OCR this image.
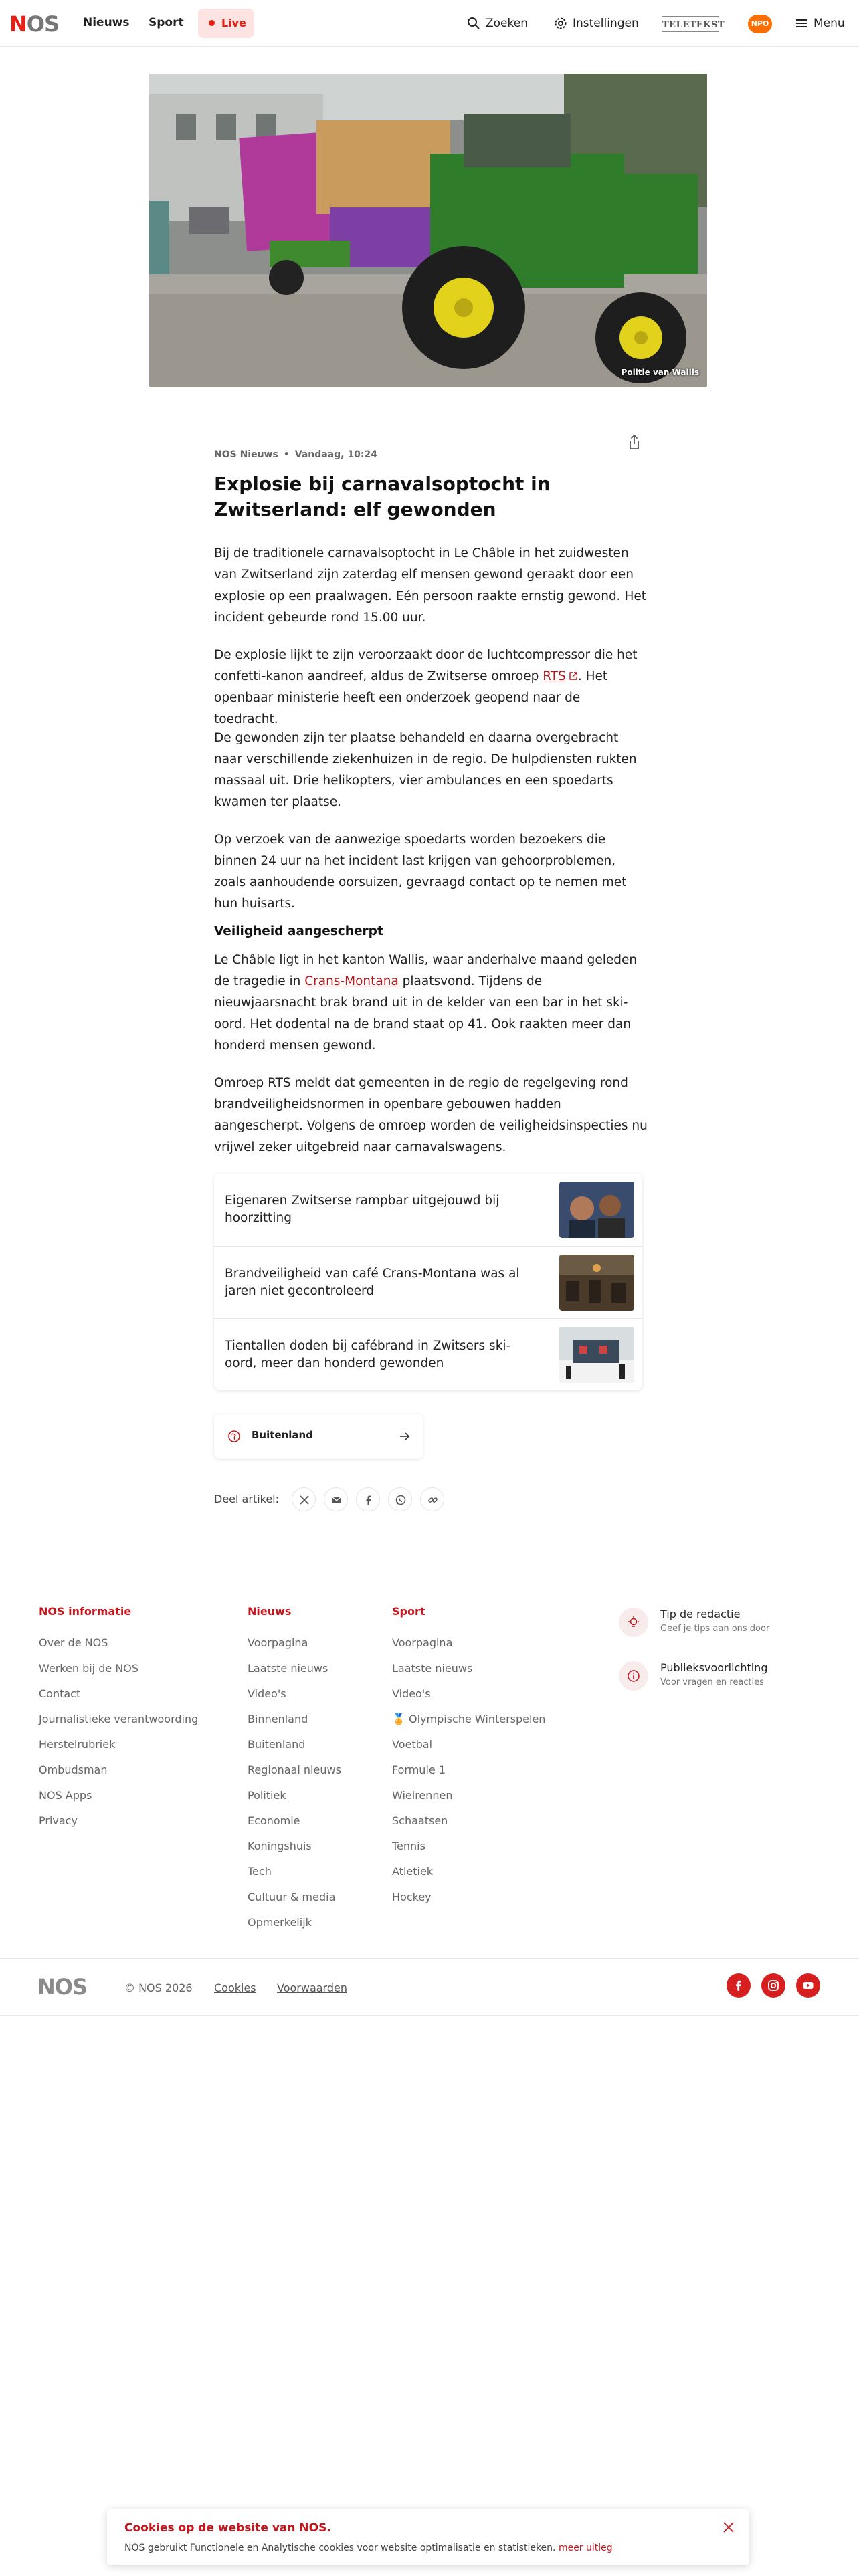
NOS Nieuws Sport	Live	Zoeken	Instellingen	TELETEKST	NPO	Menu
Politie van Wallis
NOS Nieuws • Vandaag, 10:24
Explosie bij carnavalsoptocht in Zwitserland: elf gewonden

Bij de traditionele carnavalsoptocht in Le Châble in het zuidwesten van Zwitserland zijn zaterdag elf mensen gewond geraakt door een explosie op een praalwagen. Eén persoon raakte ernstig gewond. Het incident gebeurde rond 15.00 uur.

De explosie lijkt te zijn veroorzaakt door de luchtcompressor die het confetti-kanon aandreef, aldus de Zwitserse omroep RTS . Het openbaar ministerie heeft een onderzoek geopend naar de toedracht.

De gewonden zijn ter plaatse behandeld en daarna overgebracht naar verschillende ziekenhuizen in de regio. De hulpdiensten rukten massaal uit. Drie helikopters, vier ambulances en een spoedarts kwamen ter plaatse.

Op verzoek van de aanwezige spoedarts worden bezoekers die binnen 24 uur na het incident last krijgen van gehoorproblemen, zoals aanhoudende oorsuizen, gevraagd contact op te nemen met hun huisarts.

Veiligheid aangescherpt

Le Châble ligt in het kanton Wallis, waar anderhalve maand geleden de tragedie in Crans-Montana plaatsvond. Tijdens de nieuwjaarsnacht brak brand uit in de kelder van een bar in het ski-oord. Het dodental na de brand staat op 41. Ook raakten meer dan honderd mensen gewond.

Omroep RTS meldt dat gemeenten in de regio de regelgeving rond brandveiligheidsnormen in openbare gebouwen hadden aangescherpt. Volgens de omroep worden de veiligheidsinspecties nu vrijwel zeker uitgebreid naar carnavalswagens.

Eigenaren Zwitserse rampbar uitgejouwd bij hoorzitting
Brandveiligheid van café Crans-Montana was al jaren niet gecontroleerd
Tientallen doden bij cafébrand in Zwitsers ski-oord, meer dan honderd gewonden
Buitenland
Deel artikel:
NOS informatie
Over de NOS
Werken bij de NOS
Contact
Journalistieke verantwoording
Herstelrubriek
Ombudsman
NOS Apps
Privacy
Nieuws
Voorpagina
Laatste nieuws
Video's
Binnenland
Buitenland
Regionaal nieuws
Politiek
Economie
Koningshuis
Tech
Cultuur & media
Opmerkelijk
Sport
Voorpagina
Laatste nieuws
Video's
🏅 Olympische Winterspelen
Voetbal
Formule 1
Wielrennen
Schaatsen
Tennis
Atletiek
Hockey
Tip de redactie
Geef je tips aan ons door
Publieksvoorlichting
Voor vragen en reacties
NOS	© NOS 2026 Cookies Voorwaarden
Cookies op de website van NOS.
NOS gebruikt Functionele en Analytische cookies voor website optimalisatie en statistieken. meer uitleg
